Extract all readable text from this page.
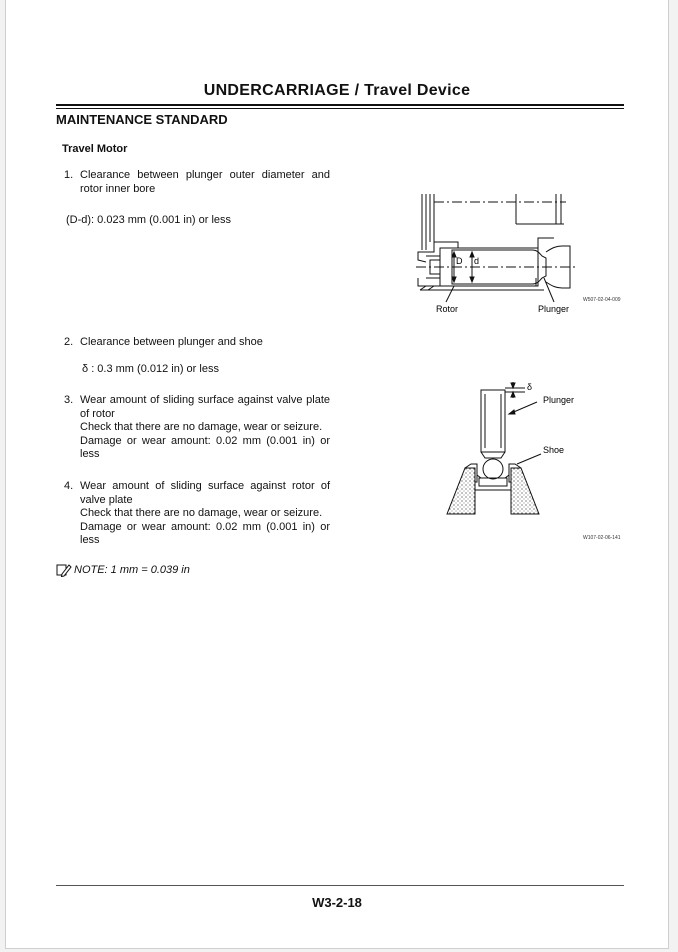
UNDERCARRIAGE / Travel Device
MAINTENANCE STANDARD
Travel Motor
1. Clearance between plunger outer diameter and rotor inner bore
(D-d): 0.023 mm (0.001 in) or less
2. Clearance between plunger and shoe
δ : 0.3 mm (0.012 in) or less
3. Wear amount of sliding surface against valve plate of rotor
Check that there are no damage, wear or seizure.
Damage or wear amount: 0.02 mm (0.001 in) or less
4. Wear amount of sliding surface against rotor of valve plate
Check that there are no damage, wear or seizure.
Damage or wear amount: 0.02 mm (0.001 in) or less
NOTE: 1 mm = 0.039 in
D d
Rotor	Plunger
W507-02-04-009
δ
Plunger
Shoe
W107-02-06-141
W3-2-18
